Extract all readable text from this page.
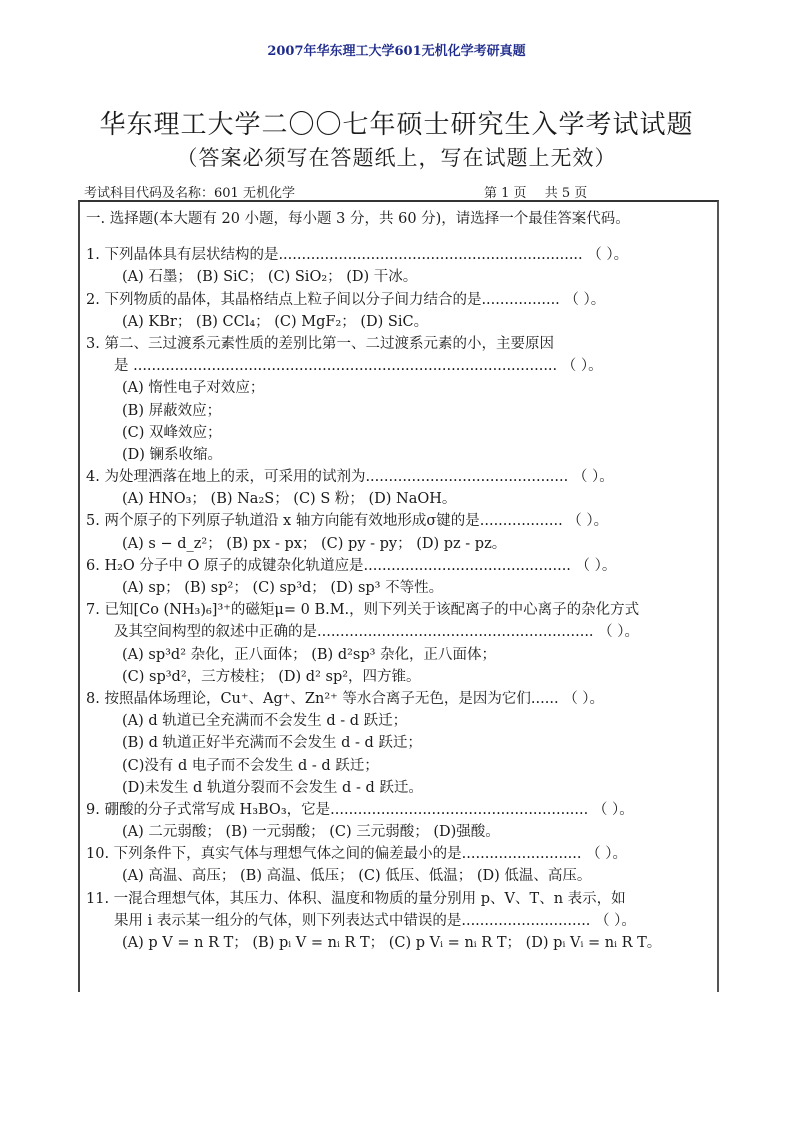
2007年华东理工大学601无机化学考研真题
华东理工大学二〇〇七年硕士研究生入学考试试题
（答案必须写在答题纸上，写在试题上无效）
考试科目代码及名称：601 无机化学	第 1 页 共 5 页
一. 选择题(本大题有 20 小题，每小题 3 分，共 60 分)，请选择一个最佳答案代码。
1. 下列晶体具有层状结构的是.................................................................. （ ）。
(A) 石墨； (B) SiC； (C) SiO₂； (D) 干冰。
2. 下列物质的晶体，其晶格结点上粒子间以分子间力结合的是................. （ ）。
(A) KBr； (B) CCl₄； (C) MgF₂； (D) SiC。
3. 第二、三过渡系元素性质的差别比第一、二过渡系元素的小，主要原因
是 ............................................................................................ （ ）。
(A) 惰性电子对效应；
(B) 屏蔽效应；
(C) 双峰效应；
(D) 镧系收缩。
4. 为处理洒落在地上的汞，可采用的试剂为............................................ （ ）。
(A) HNO₃； (B) Na₂S； (C) S 粉； (D) NaOH。
5. 两个原子的下列原子轨道沿 x 轴方向能有效地形成σ键的是.................. （ ）。
(A) s − d_z²； (B) px - px； (C) py - py； (D) pz - pz。
6. H₂O 分子中 O 原子的成键杂化轨道应是............................................. （ ）。
(A) sp； (B) sp²； (C) sp³d； (D) sp³ 不等性。
7. 已知[Co (NH₃)₆]³⁺的磁矩μ= 0 B.M.，则下列关于该配离子的中心离子的杂化方式
及其空间构型的叙述中正确的是............................................................ （ ）。
(A) sp³d² 杂化，正八面体； (B) d²sp³ 杂化，正八面体；
(C) sp³d²，三方棱柱； (D) d² sp²，四方锥。
8. 按照晶体场理论，Cu⁺、Ag⁺、Zn²⁺ 等水合离子无色，是因为它们...... （ ）。
(A) d 轨道已全充满而不会发生 d - d 跃迁；
(B) d 轨道正好半充满而不会发生 d - d 跃迁；
(C)没有 d 电子而不会发生 d - d 跃迁；
(D)未发生 d 轨道分裂而不会发生 d - d 跃迁。
9. 硼酸的分子式常写成 H₃BO₃，它是........................................................ （ ）。
(A) 二元弱酸； (B) 一元弱酸； (C) 三元弱酸； (D)强酸。
10. 下列条件下，真实气体与理想气体之间的偏差最小的是.......................... （ ）。
(A) 高温、高压； (B) 高温、低压； (C) 低压、低温； (D) 低温、高压。
11. 一混合理想气体，其压力、体积、温度和物质的量分别用 p、V、T、n 表示，如
果用 i 表示某一组分的气体，则下列表达式中错误的是............................ （ ）。
(A) p V = n R T； (B) pᵢ V = nᵢ R T； (C) p Vᵢ = nᵢ R T； (D) pᵢ Vᵢ = nᵢ R T。
